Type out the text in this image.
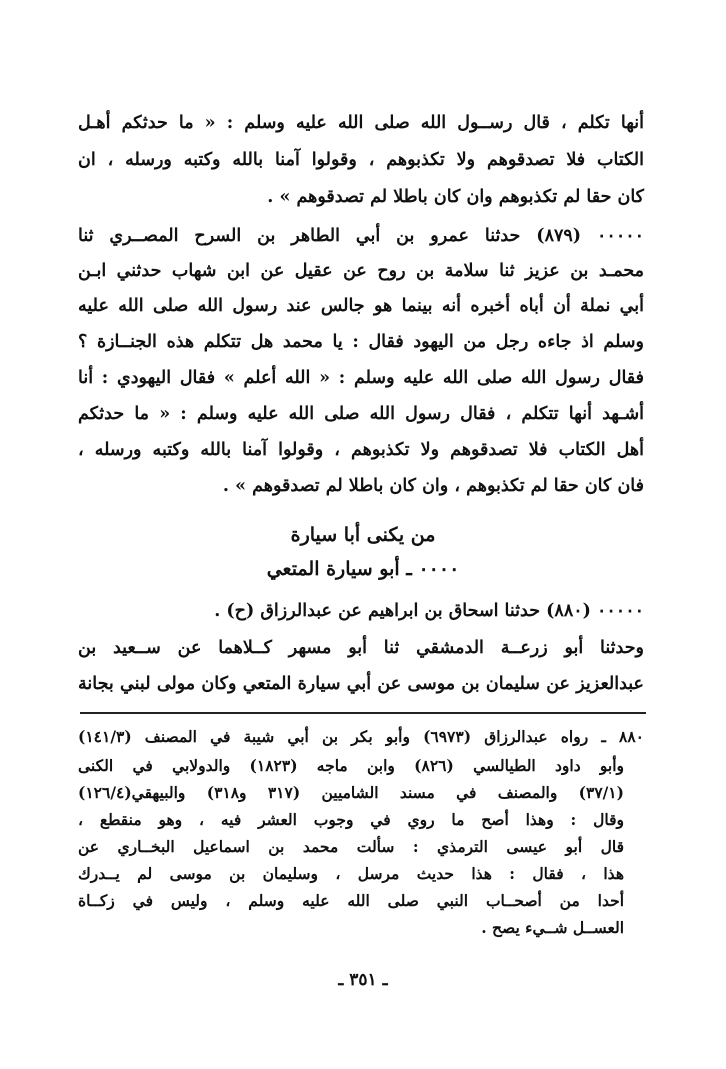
أنها تكلم ، قال رســول الله صلى الله عليه وسلم : « ما حدثكم أهـل
الكتاب فلا تصدقوهم ولا تكذبوهم ، وقولوا آمنا بالله وكتبه ورسله ، ان
كان حقا لم تكذبوهم وان كان باطلا لم تصدقوهم » .
٠٠٠٠٠ (٨٧٩) حدثنا عمرو بن أبي الطاهر بن السرح المصــري ثنا
محمـد بن عزيز ثنا سلامة بن روح عن عقيل عن ابن شهاب حدثني ابـن
أبي نملة أن أباه أخبره أنه بينما هو جالس عند رسول الله صلى الله عليه
وسلم اذ جاءه رجل من اليهود فقال : يا محمد هل تتكلم هذه الجنــازة ؟
فقال رسول الله صلى الله عليه وسلم : « الله أعلم » فقال اليهودي : أنا
أشـهد أنها تتكلم ، فقال رسول الله صلى الله عليه وسلم : « ما حدثكم
أهل الكتاب فلا تصدقوهم ولا تكذبوهم ، وقولوا آمنا بالله وكتبه ورسله ،
فان كان حقا لم تكذبوهم ، وان كان باطلا لم تصدقوهم » .
من يكنى أبا سيارة
٠٠٠٠ ـ أبو سيارة المتعي
٠٠٠٠٠ (٨٨٠) حدثنا اسحاق بن ابراهيم عن عبدالرزاق (ح) .
وحدثنا أبو زرعــة الدمشقي ثنا أبو مسهر كــلاهما عن ســعيد بن
عبدالعزيز عن سليمان بن موسى عن أبي سيارة المتعي وكان مولى لبني بجانة
٨٨٠ ـ رواه عبدالرزاق (٦٩٧٣) وأبو بكر بن أبي شيبة في المصنف (١٤١/٣)
وأبو داود الطيالسي (٨٢٦) وابن ماجه (١٨٢٣) والدولابي في الكنى
(٣٧/١) والمصنف في مسند الشاميين (٣١٧ و٣١٨) والبيهقي(١٢٦/٤)
وقال : وهذا أصح ما روي في وجوب العشر فيه ، وهو منقطع ،
قال أبو عيسى الترمذي : سألت محمد بن اسماعيل البخــاري عن
هذا ، فقال : هذا حديث مرسل ، وسليمان بن موسى لم يــدرك
أحدا من أصحــاب النبي صلى الله عليه وسلم ، وليس في زكــاة
العســل شــيء يصح .
ـ ٣٥١ ـ
